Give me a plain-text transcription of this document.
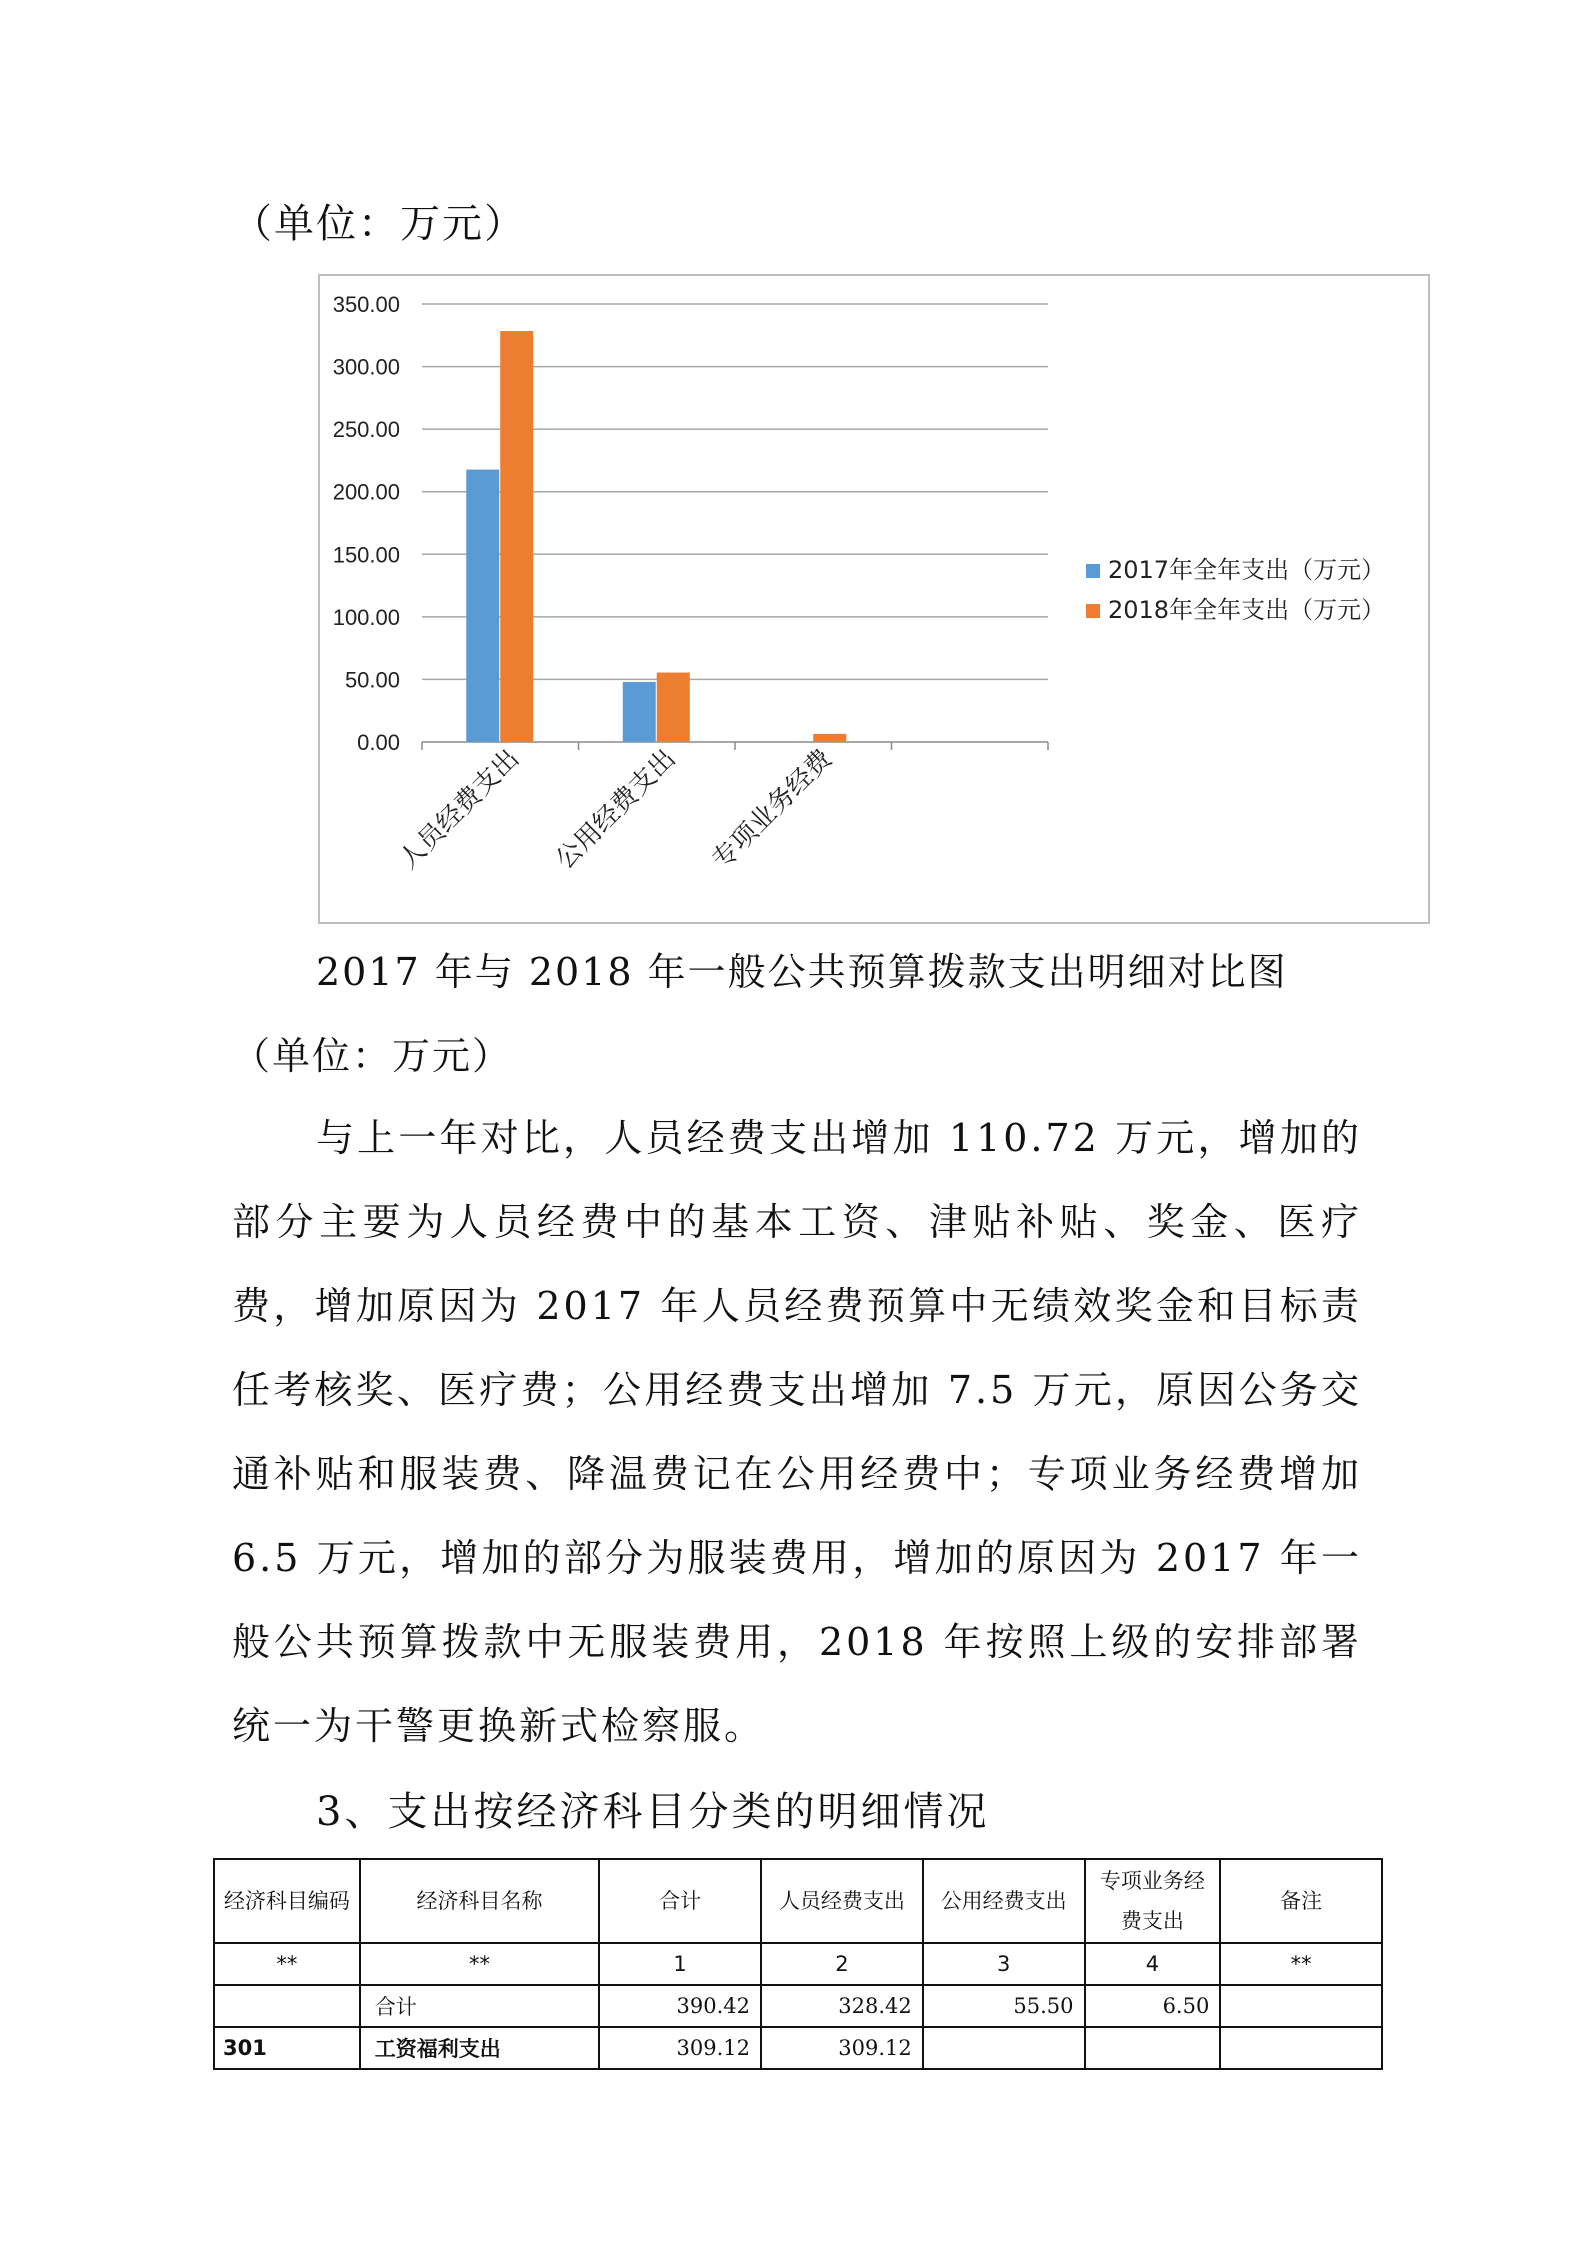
（单位：万元）
0.00
50.00
100.00
150.00
200.00
250.00
300.00
350.00
人员经费支出 公用经费支出 专项业务经费
2017年全年支出（万元）
2018年全年支出（万元）
2017 年与 2018 年一般公共预算拨款支出明细对比图（单位：万元）
与上一年对比，人员经费支出增加 110.72 万元，增加的部分主要为人员经费中的基本工资、津贴补贴、奖金、医疗费，增加原因为 2017 年人员经费预算中无绩效奖金和目标责任考核奖、医疗费；公用经费支出增加 7.5 万元，原因公务交通补贴和服装费、降温费记在公用经费中；专项业务经费增加 6.5 万元，增加的部分为服装费用，增加的原因为 2017 年一般公共预算拨款中无服装费用，2018 年按照上级的安排部署统一为干警更换新式检察服。
3、支出按经济科目分类的明细情况
经济科目编码	经济科目名称	合计	人员经费支出	公用经费支出	专项业务经费支出	备注
**	**	1	2	3	4	**
	合计	390.42	328.42	55.50	6.50	
301	工资福利支出	309.12	309.12			
